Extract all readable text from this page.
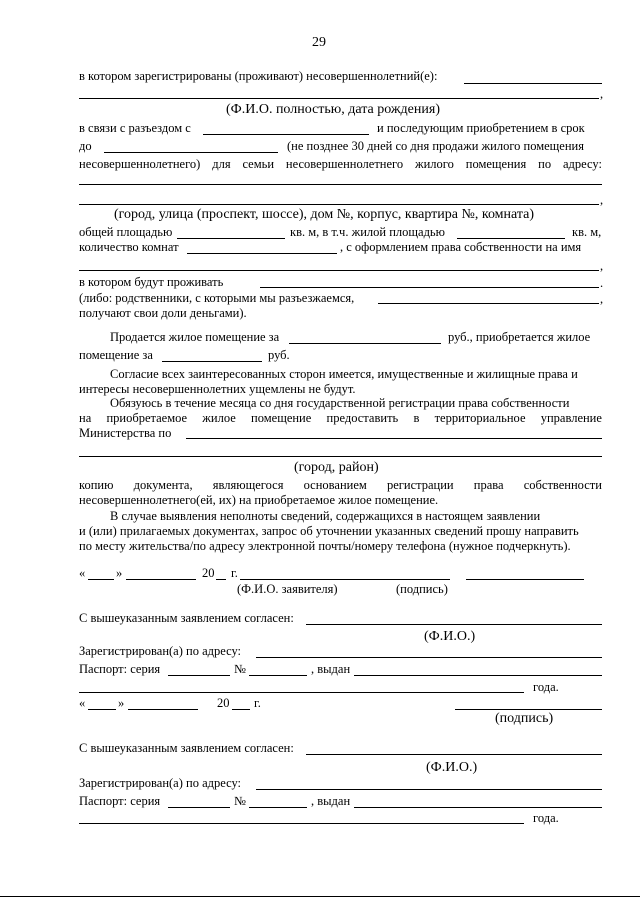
29
в котором зарегистрированы (проживают) несовершеннолетний(е):
,
(Ф.И.О. полностью, дата рождения)
в связи с разъездом с	и последующим приобретением в срок
до	(не позднее 30 дней со дня продажи жилого помещения
несовершеннолетнего) для семьи несовершеннолетнего жилого помещения по адресу:
,
(город, улица (проспект, шоссе), дом №, корпус, квартира №, комната)
общей площадью	кв. м, в т.ч. жилой площадью	кв. м,
количество комнат	, с оформлением права собственности на имя
,
в котором будут проживать	.
(либо: родственники, с которыми мы разъезжаемся,	,
получают свои доли деньгами).
Продается жилое помещение за	руб., приобретается жилое
помещение за	руб.
Согласие всех заинтересованных сторон имеется, имущественные и жилищные права и
интересы несовершеннолетних ущемлены не будут.
Обязуюсь в течение месяца со дня государственной регистрации права собственности
на приобретаемое жилое помещение предоставить в территориальное управление
Министерства по
(город, район)
копию документа, являющегося основанием регистрации права собственности
несовершеннолетнего(ей, их) на приобретаемое жилое помещение.
В случае выявления неполноты сведений, содержащихся в настоящем заявлении
и (или) прилагаемых документах, запрос об уточнении указанных сведений прошу направить
по месту жительства/по адресу электронной почты/номеру телефона (нужное подчеркнуть).
« »	20 г.
(Ф.И.О. заявителя)	(подпись)
С вышеуказанным заявлением согласен:
(Ф.И.О.)
Зарегистрирован(а) по адресу:
Паспорт: серия	№	, выдан
года.
«	»	20 г.
(подпись)
С вышеуказанным заявлением согласен:
(Ф.И.О.)
Зарегистрирован(а) по адресу:
Паспорт: серия	№	, выдан
года.
